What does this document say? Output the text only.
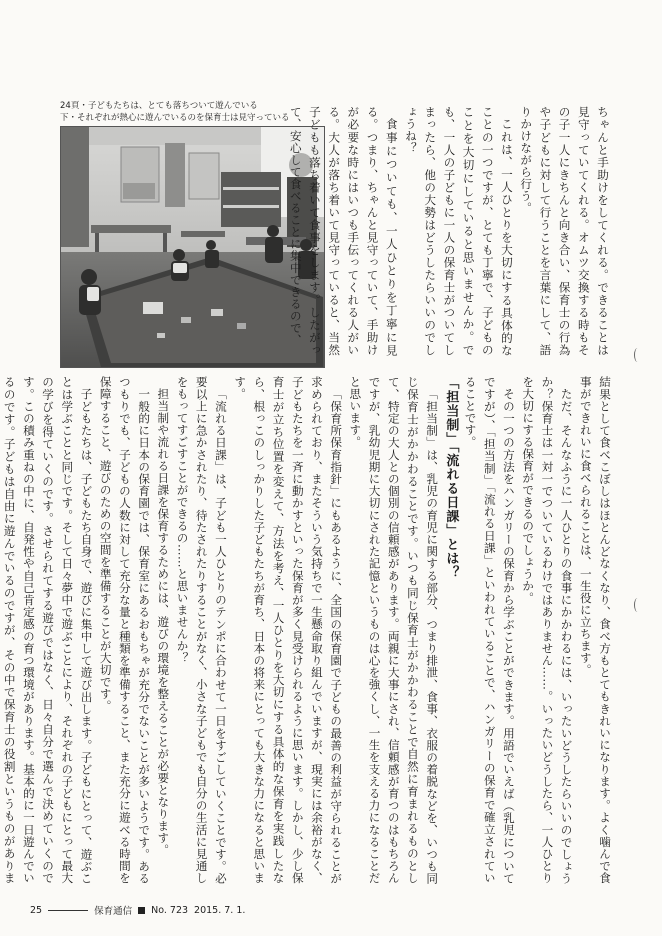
24頁・子どもたちは、とても落ちついて遊んでいる
下・それぞれが熱心に遊んでいるのを保育士は見守っている	ちゃんと手助けをしてくれる。できることは見守っていてくれる。オムツ交換する時もその子一人にきちんと向き合い、保育士の行為や子どもに対して行うことを言葉にして、語りかけながら行う。

これは、一人ひとりを大切にする具体的なことの一つですが、とても丁寧で、子どものことを大切にしていると思いませんか。でも、一人の子どもに一人の保育士がついてしまったら、他の大勢はどうしたらいいのでしょうね？

食事についても、一人ひとりを丁寧に見る。つまり、ちゃんと見守っていて、手助けが必要な時にはいつも手伝ってくれる人がいる。大人が落ち着いて見守っていると、当然子どもも落ち着いて食事をします。したがって、安心して食べることに集中できるので、

結果として食べこぼしはほとんどなくなり、食べ方もとてもきれいになります。よく噛んで食事ができれいに食べられることは、一生役に立ちます。

ただ、そんなふうに一人ひとりの食事にかかわるには、いったいどうしたらいいのでしょうか？保育士は一対一でついているわけではありません……。いったいどうしたら、一人ひとりを大切にする保育ができるのでしょうか。

その一つの方法をハンガリーの保育から学ぶことができます。用語でいえば（乳児についてですが）、「担当制」「流れる日課」といわれていることで、ハンガリーの保育で確立されていることです。

「担当制」「流れる日課」とは？

「担当制」は、乳児の育児に関する部分、つまり排泄、食事、衣服の着脱などを、いつも同じ保育士がかかわることです。いつも同じ保育士がかかわることで自然に育まれるものとして、特定の大人との個別の信頼感があります。両親に大事にされ、信頼感が育つのはもちろんですが、乳幼児期に大切にされた記憶というものは心を強くし、一生を支える力になることだと思います。

「保育所保育指針」にもあるように、全国の保育園で子どもの最善の利益が守られることが求められており、またそういう気持ちで一生懸命取り組んでいますが、現実には余裕がなく、子どもたちを一斉に動かすといった保育が多く見受けられるように思います。しかし、少し保育士が立ち位置を変えて、方法を考え、一人ひとりを大切にする具体的な保育を実践したなら、根っこのしっかりした子どもたちが育ち、日本の将来にとっても大きな力になると思います。

「流れる日課」は、子ども一人ひとりのテンポに合わせて一日をすごしていくことです。必要以上に急かされたり、待たされたりすることがなく、小さな子どもでも自分の生活に見通しをもってすごすことができるの……と思いませんか？

担当制や流れる日課を保育するためには、遊びの環境を整えることが必要となります。

一般的に日本の保育園では、保育室にあるおもちゃが充分でないことが多いようです。あるつもりでも、子どもの人数に対して充分な量と種類を準備すること、また充分に遊べる時間を保障すること、遊びのための空間を準備することが大切です。

子どもたちは、子どもたち自身で、遊びに集中して遊び出します。子どもにとって、遊ぶことは学ぶことと同じです。そして日々夢中で遊ぶことにより、それぞれの子どもにとって最大の学びを得ていくのです。させられてする遊びではなく、日々自分で選んで決めていくのです。この積み重ねの中に、自発性や自己肯定感の育つ環境があります。基本的に一日遊んでいるのです。子どもは自由に遊んでいるのですが、その中で保育士の役割というものがありま

25	保育通信 No. 723 2015. 7. 1.
